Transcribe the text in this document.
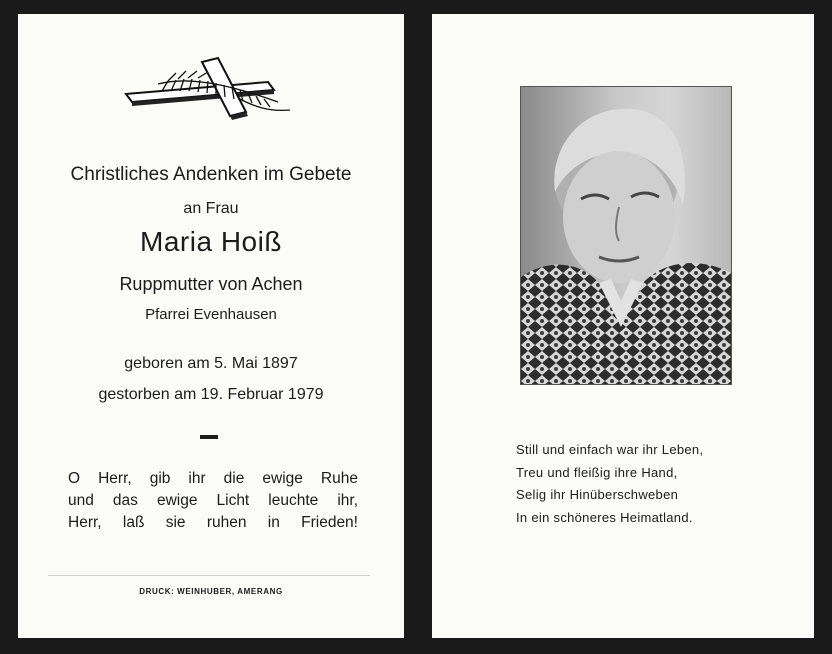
Christliches Andenken im Gebete
an Frau
Maria Hoiß
Ruppmutter von Achen
Pfarrei Evenhausen
geboren am 5. Mai 1897
gestorben am 19. Februar 1979
O Herr, gib ihr die ewige Ruhe
und das ewige Licht leuchte ihr,
Herr, laß sie ruhen in Frieden!
DRUCK: WEINHUBER, AMERANG
Still und einfach war ihr Leben,
Treu und fleißig ihre Hand,
Selig ihr Hinüberschweben
In ein schöneres Heimatland.
